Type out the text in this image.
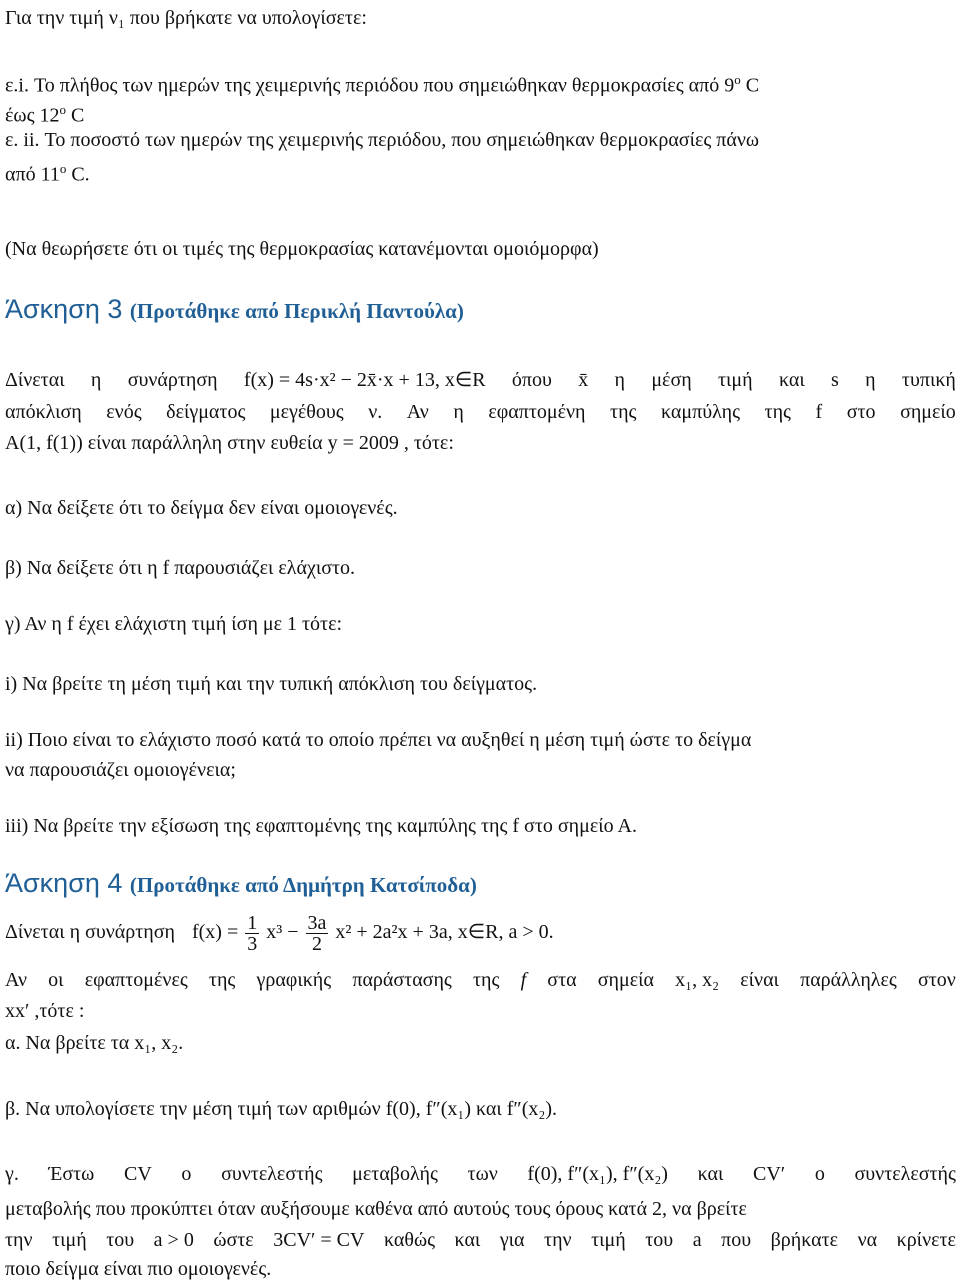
Για την τιμή ν₁ που βρήκατε να υπολογίσετε:
ε.i. Το πλήθος των ημερών της χειμερινής περιόδου που σημειώθηκαν θερμοκρασίες από $9^o$ C
έως $12^o$ C
ε. ii. Το ποσοστό των ημερών της χειμερινής περιόδου, που σημειώθηκαν θερμοκρασίες πάνω
από $11^o$ C.
(Να θεωρήσετε ότι οι τιμές της θερμοκρασίας κατανέμονται ομοιόμορφα)
Άσκηση 3 (Προτάθηκε από Περικλή Παντούλα)
Δίνεται η συνάρτηση f(x) = 4s·x² − 2x̄·x + 13, x∈R όπου x̄ η μέση τιμή και s η τυπική
απόκλιση ενός δείγματος μεγέθους ν. Αν η εφαπτομένη της καμπύλης της f στο σημείο
A(1, f(1)) είναι παράλληλη στην ευθεία y = 2009 , τότε:
α) Να δείξετε ότι το δείγμα δεν είναι ομοιογενές.
β) Να δείξετε ότι η f παρουσιάζει ελάχιστο.
γ) Αν η f έχει ελάχιστη τιμή ίση με 1 τότε:
i) Να βρείτε τη μέση τιμή και την τυπική απόκλιση του δείγματος.
ii) Ποιο είναι το ελάχιστο ποσό κατά το οποίο πρέπει να αυξηθεί η μέση τιμή ώστε το δείγμα
να παρουσιάζει ομοιογένεια;
iii) Να βρείτε την εξίσωση της εφαπτομένης της καμπύλης της f στο σημείο Α.
Άσκηση 4 (Προτάθηκε από Δημήτρη Κατσίποδα)
Δίνεται η συνάρτηση $f(x) = \frac{1}{3} x^3 - \frac{3a}{2} x^2 + 2a^2x + 3a$, x∈R, a > 0.
Αν οι εφαπτομένες της γραφικής παράστασης της f στα σημεία x₁, x₂ είναι παράλληλες στον
xx′ ,τότε :
α. Να βρείτε τα x₁, x₂.
β. Να υπολογίσετε την μέση τιμή των αριθμών f(0), f″(x₁) και f″(x₂).
γ. Έστω CV ο συντελεστής μεταβολής των f(0), f″(x₁), f″(x₂) και CV′ ο συντελεστής
μεταβολής που προκύπτει όταν αυξήσουμε καθένα από αυτούς τους όρους κατά 2, να βρείτε
την τιμή του a > 0 ώστε 3CV′ = CV καθώς και για την τιμή του a που βρήκατε να κρίνετε
ποιο δείγμα είναι πιο ομοιογενές.
